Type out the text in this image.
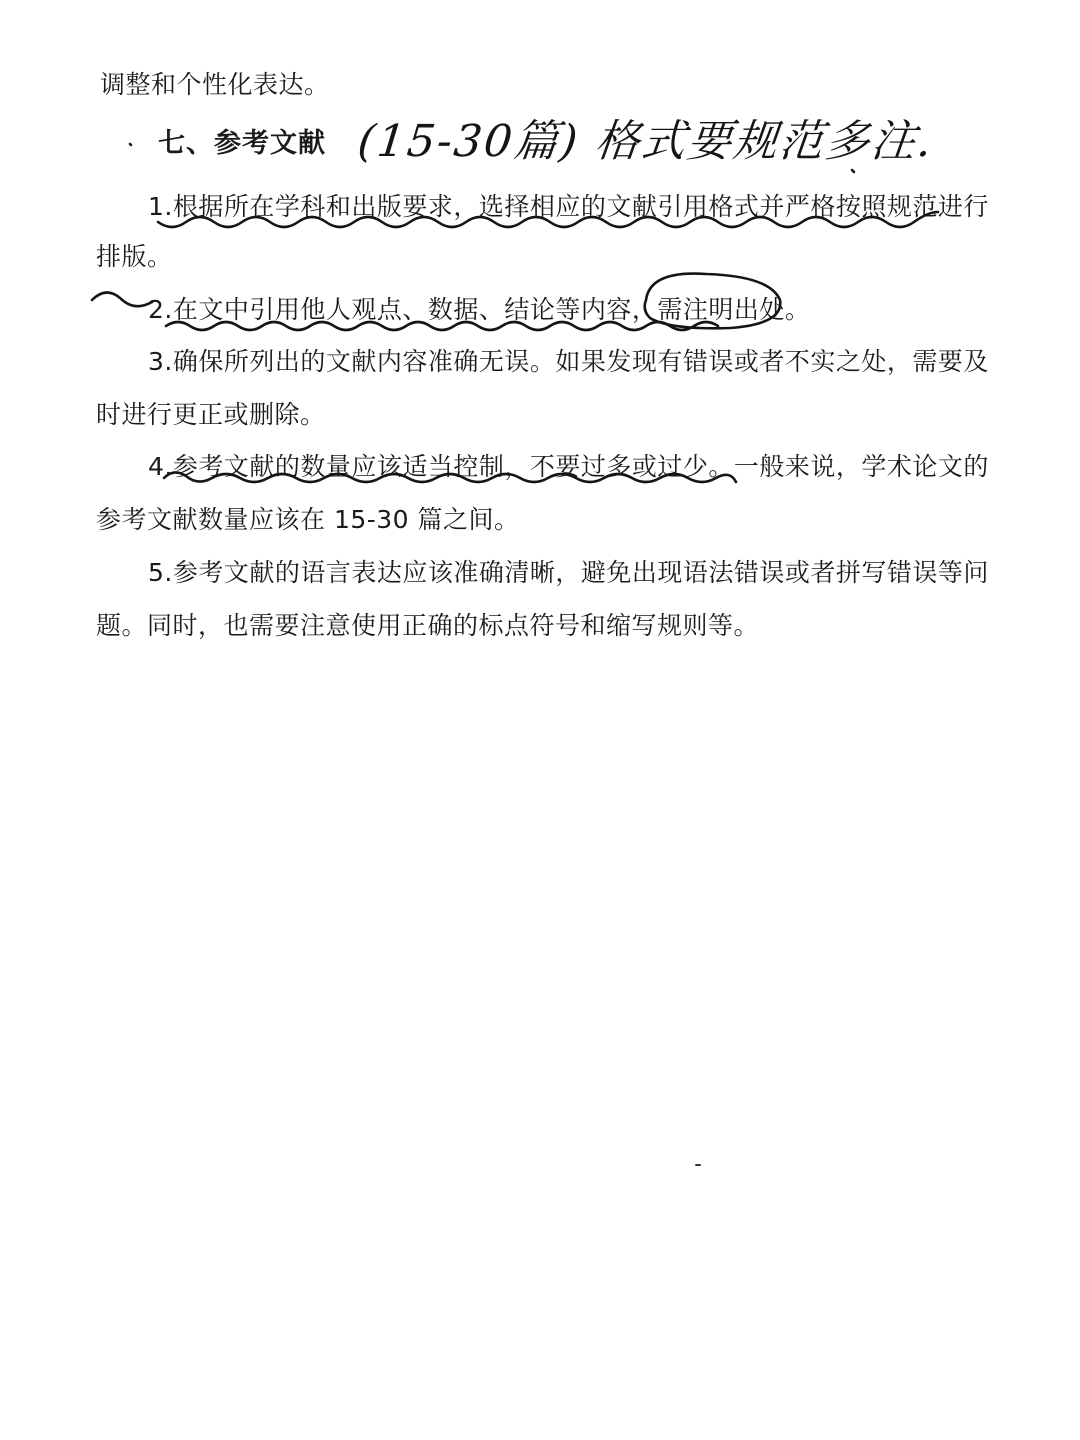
调整和个性化表达。
七、参考文献 (15-30篇) 格式要规范多注.
1.根据所在学科和出版要求，选择相应的文献引用格式并严格按照规范进行
排版。
2.在文中引用他人观点、数据、结论等内容，需注明出处。
3.确保所列出的文献内容准确无误。如果发现有错误或者不实之处，需要及
时进行更正或删除。
4.参考文献的数量应该适当控制，不要过多或过少。一般来说，学术论文的
参考文献数量应该在 15-30 篇之间。
5.参考文献的语言表达应该准确清晰，避免出现语法错误或者拼写错误等问
题。同时，也需要注意使用正确的标点符号和缩写规则等。
